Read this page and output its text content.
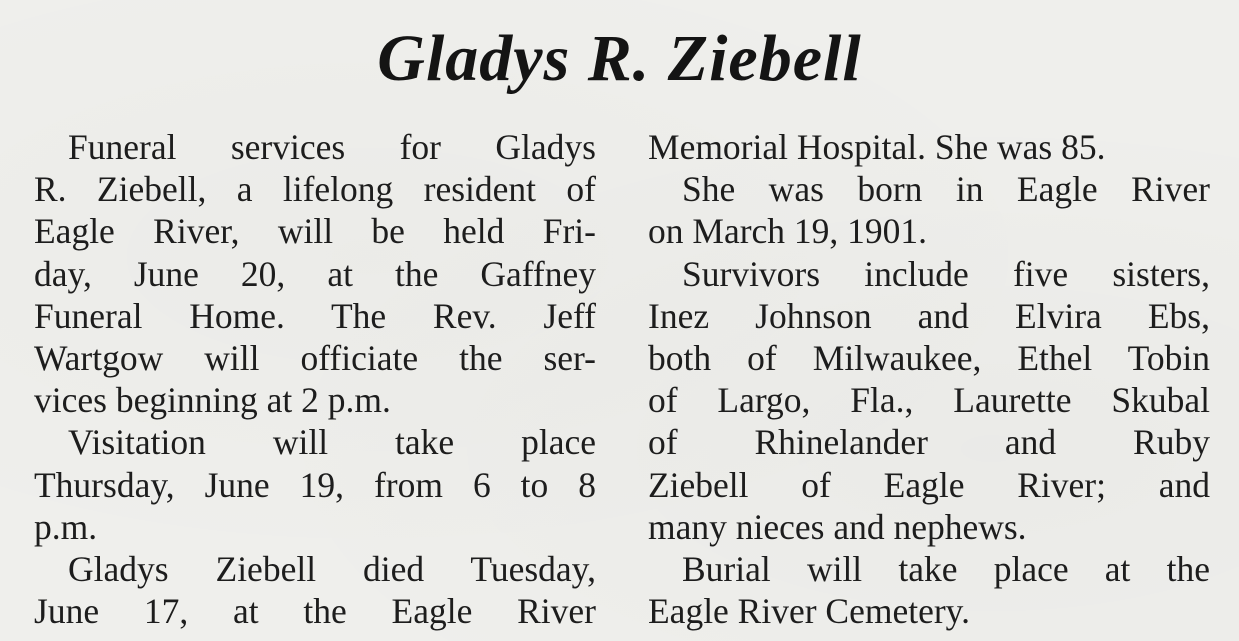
Gladys R. Ziebell
Funeral services for Gladys
R. Ziebell, a lifelong resident of
Eagle River, will be held Fri-
day, June 20, at the Gaffney
Funeral Home. The Rev. Jeff
Wartgow will officiate the ser-
vices beginning at 2 p.m.
Visitation will take place
Thursday, June 19, from 6 to 8
p.m.
Gladys Ziebell died Tuesday,
June 17, at the Eagle River
Memorial Hospital. She was 85.
She was born in Eagle River
on March 19, 1901.
Survivors include five sisters,
Inez Johnson and Elvira Ebs,
both of Milwaukee, Ethel Tobin
of Largo, Fla., Laurette Skubal
of Rhinelander and Ruby
Ziebell of Eagle River; and
many nieces and nephews.
Burial will take place at the
Eagle River Cemetery.
